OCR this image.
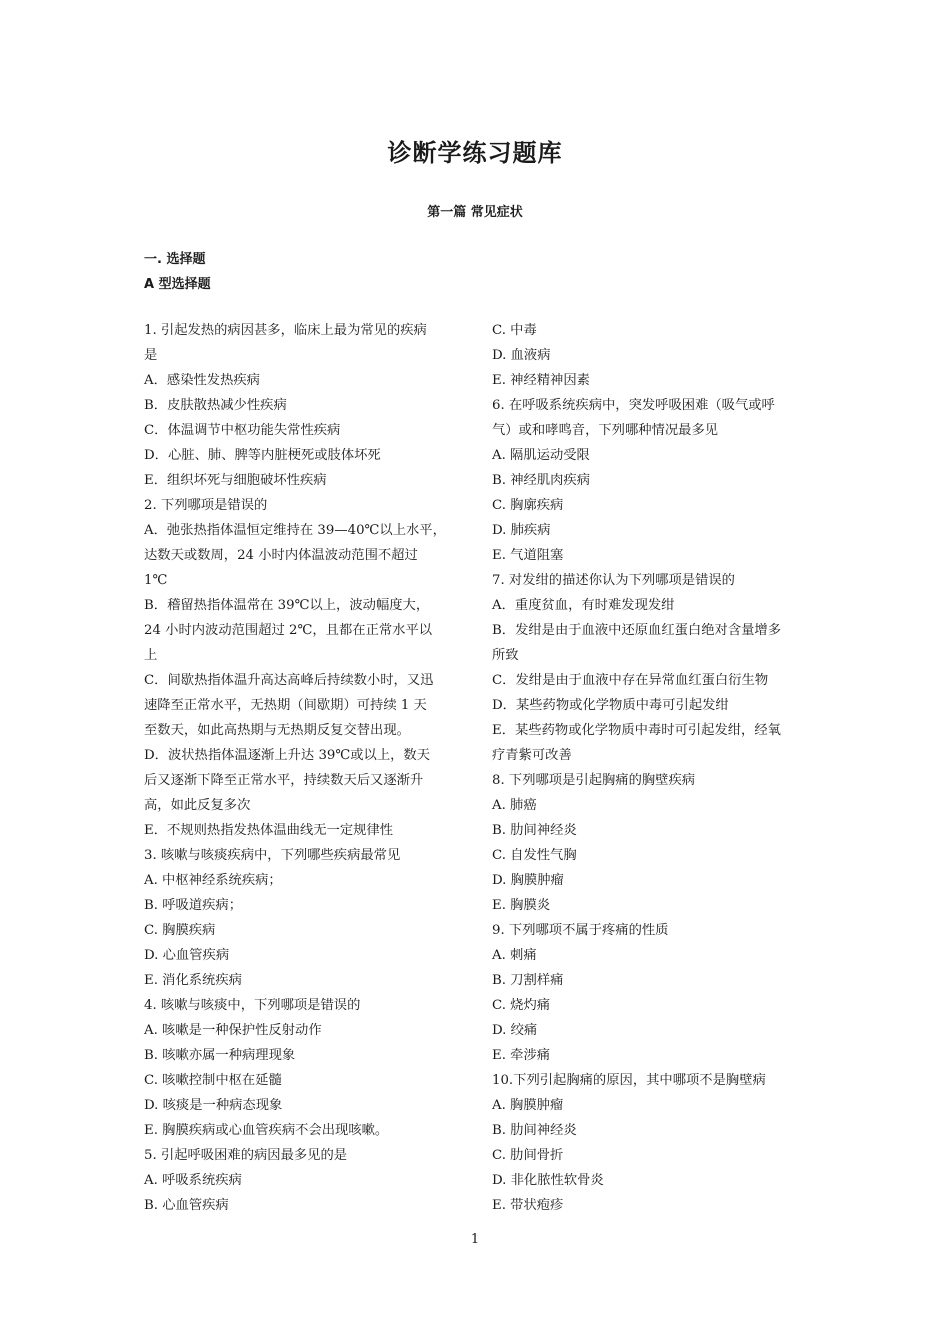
诊断学练习题库
第一篇 常见症状
一. 选择题
A 型选择题
1. 引起发热的病因甚多，临床上最为常见的疾病
是
A．感染性发热疾病
B．皮肤散热减少性疾病
C．体温调节中枢功能失常性疾病
D．心脏、肺、脾等内脏梗死或肢体坏死
E．组织坏死与细胞破坏性疾病
2. 下列哪项是错误的
A．弛张热指体温恒定维持在 39—40℃以上水平，
达数天或数周，24 小时内体温波动范围不超过
1℃
B．稽留热指体温常在 39℃以上，波动幅度大，
24 小时内波动范围超过 2℃，且都在正常水平以
上
C．间歇热指体温升高达高峰后持续数小时，又迅
速降至正常水平，无热期（间歇期）可持续 1 天
至数天，如此高热期与无热期反复交替出现。
D．波状热指体温逐渐上升达 39℃或以上，数天
后又逐渐下降至正常水平，持续数天后又逐渐升
高，如此反复多次
E．不规则热指发热体温曲线无一定规律性
3. 咳嗽与咳痰疾病中，下列哪些疾病最常见
A. 中枢神经系统疾病；
B. 呼吸道疾病；
C. 胸膜疾病
D. 心血管疾病
E. 消化系统疾病
4. 咳嗽与咳痰中，下列哪项是错误的
A. 咳嗽是一种保护性反射动作
B. 咳嗽亦属一种病理现象
C. 咳嗽控制中枢在延髓
D. 咳痰是一种病态现象
E. 胸膜疾病或心血管疾病不会出现咳嗽。
5. 引起呼吸困难的病因最多见的是
A. 呼吸系统疾病
B. 心血管疾病
C. 中毒
D. 血液病
E. 神经精神因素
6. 在呼吸系统疾病中，突发呼吸困难（吸气或呼
气）或和哮鸣音，下列哪种情况最多见
A. 隔肌运动受限
B. 神经肌肉疾病
C. 胸廓疾病
D. 肺疾病
E. 气道阻塞
7. 对发绀的描述你认为下列哪项是错误的
A．重度贫血，有时难发现发绀
B．发绀是由于血液中还原血红蛋白绝对含量增多
所致
C．发绀是由于血液中存在异常血红蛋白衍生物
D．某些药物或化学物质中毒可引起发绀
E．某些药物或化学物质中毒时可引起发绀，经氧
疗青紫可改善
8. 下列哪项是引起胸痛的胸壁疾病
A. 肺癌
B. 肋间神经炎
C. 自发性气胸
D. 胸膜肿瘤
E. 胸膜炎
9. 下列哪项不属于疼痛的性质
A. 刺痛
B. 刀割样痛
C. 烧灼痛
D. 绞痛
E. 牵涉痛
10.下列引起胸痛的原因，其中哪项不是胸壁病
A. 胸膜肿瘤
B. 肋间神经炎
C. 肋间骨折
D. 非化脓性软骨炎
E. 带状疱疹
1
